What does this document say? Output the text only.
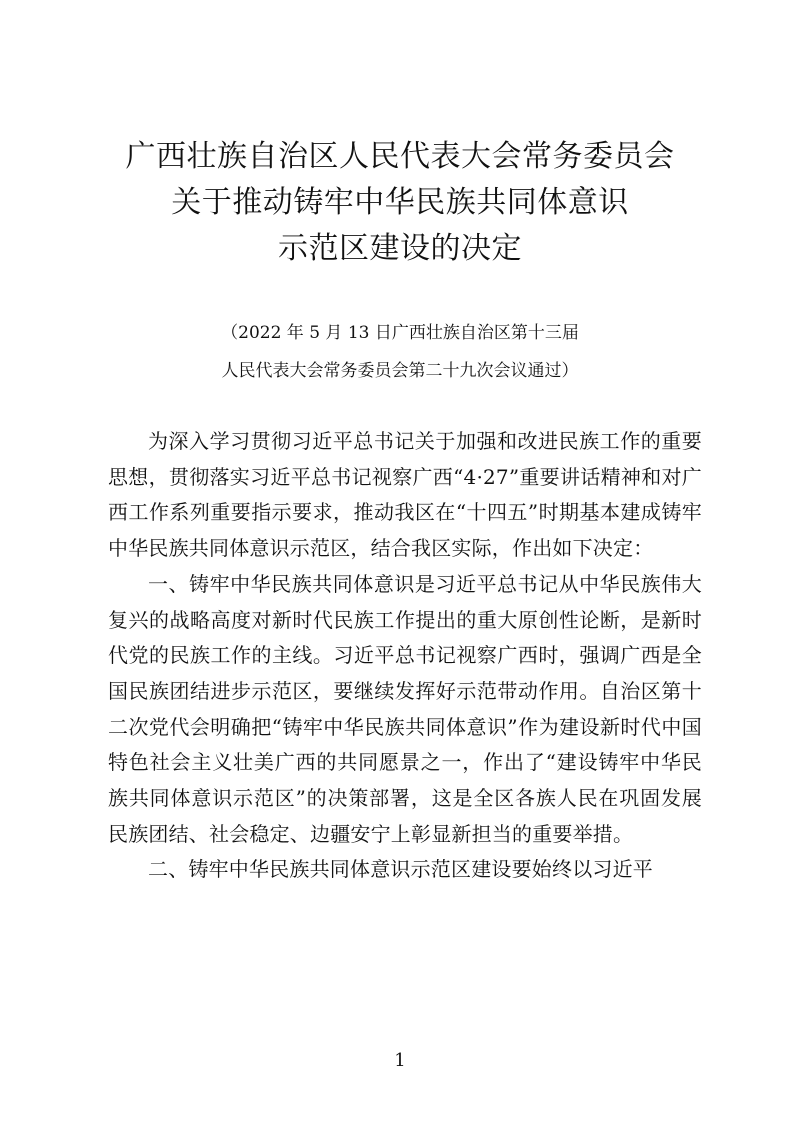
广西壮族自治区人民代表大会常务委员会
关于推动铸牢中华民族共同体意识
示范区建设的决定
（2022 年 5 月 13 日广西壮族自治区第十三届
人民代表大会常务委员会第二十九次会议通过）

为深入学习贯彻习近平总书记关于加强和改进民族工作的重要思想，贯彻落实习近平总书记视察广西“4·27”重要讲话精神和对广西工作系列重要指示要求，推动我区在“十四五”时期基本建成铸牢中华民族共同体意识示范区，结合我区实际，作出如下决定：

一、铸牢中华民族共同体意识是习近平总书记从中华民族伟大复兴的战略高度对新时代民族工作提出的重大原创性论断，是新时代党的民族工作的主线。习近平总书记视察广西时，强调广西是全国民族团结进步示范区，要继续发挥好示范带动作用。自治区第十二次党代会明确把“铸牢中华民族共同体意识”作为建设新时代中国特色社会主义壮美广西的共同愿景之一，作出了“建设铸牢中华民族共同体意识示范区”的决策部署，这是全区各族人民在巩固发展民族团结、社会稳定、边疆安宁上彰显新担当的重要举措。

二、铸牢中华民族共同体意识示范区建设要始终以习近平

1
